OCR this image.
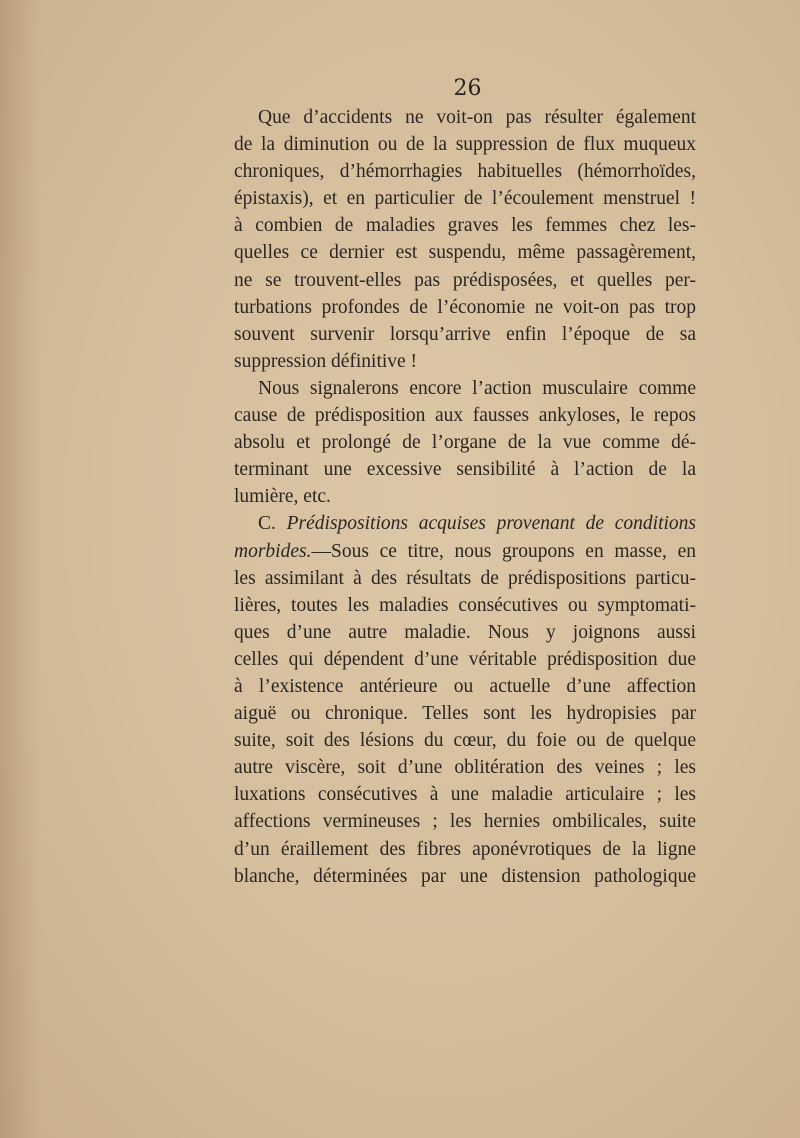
26
Que d’accidents ne voit-on pas résulter également
de la diminution ou de la suppression de flux muqueux
chroniques, d’hémorrhagies habituelles (hémorrhoïdes,
épistaxis), et en particulier de l’écoulement menstruel !
à combien de maladies graves les femmes chez les-
quelles ce dernier est suspendu, même passagèrement,
ne se trouvent-elles pas prédisposées, et quelles per-
turbations profondes de l’économie ne voit-on pas trop
souvent survenir lorsqu’arrive enfin l’époque de sa
suppression définitive !
Nous signalerons encore l’action musculaire comme
cause de prédisposition aux fausses ankyloses, le repos
absolu et prolongé de l’organe de la vue comme dé-
terminant une excessive sensibilité à l’action de la
lumière, etc.
C. Prédispositions acquises provenant de conditions
morbides.—Sous ce titre, nous groupons en masse, en
les assimilant à des résultats de prédispositions particu-
lières, toutes les maladies consécutives ou symptomati-
ques d’une autre maladie. Nous y joignons aussi
celles qui dépendent d’une véritable prédisposition due
à l’existence antérieure ou actuelle d’une affection
aiguë ou chronique. Telles sont les hydropisies par
suite, soit des lésions du cœur, du foie ou de quelque
autre viscère, soit d’une oblitération des veines ; les
luxations consécutives à une maladie articulaire ; les
affections vermineuses ; les hernies ombilicales, suite
d’un éraillement des fibres aponévrotiques de la ligne
blanche, déterminées par une distension pathologique
